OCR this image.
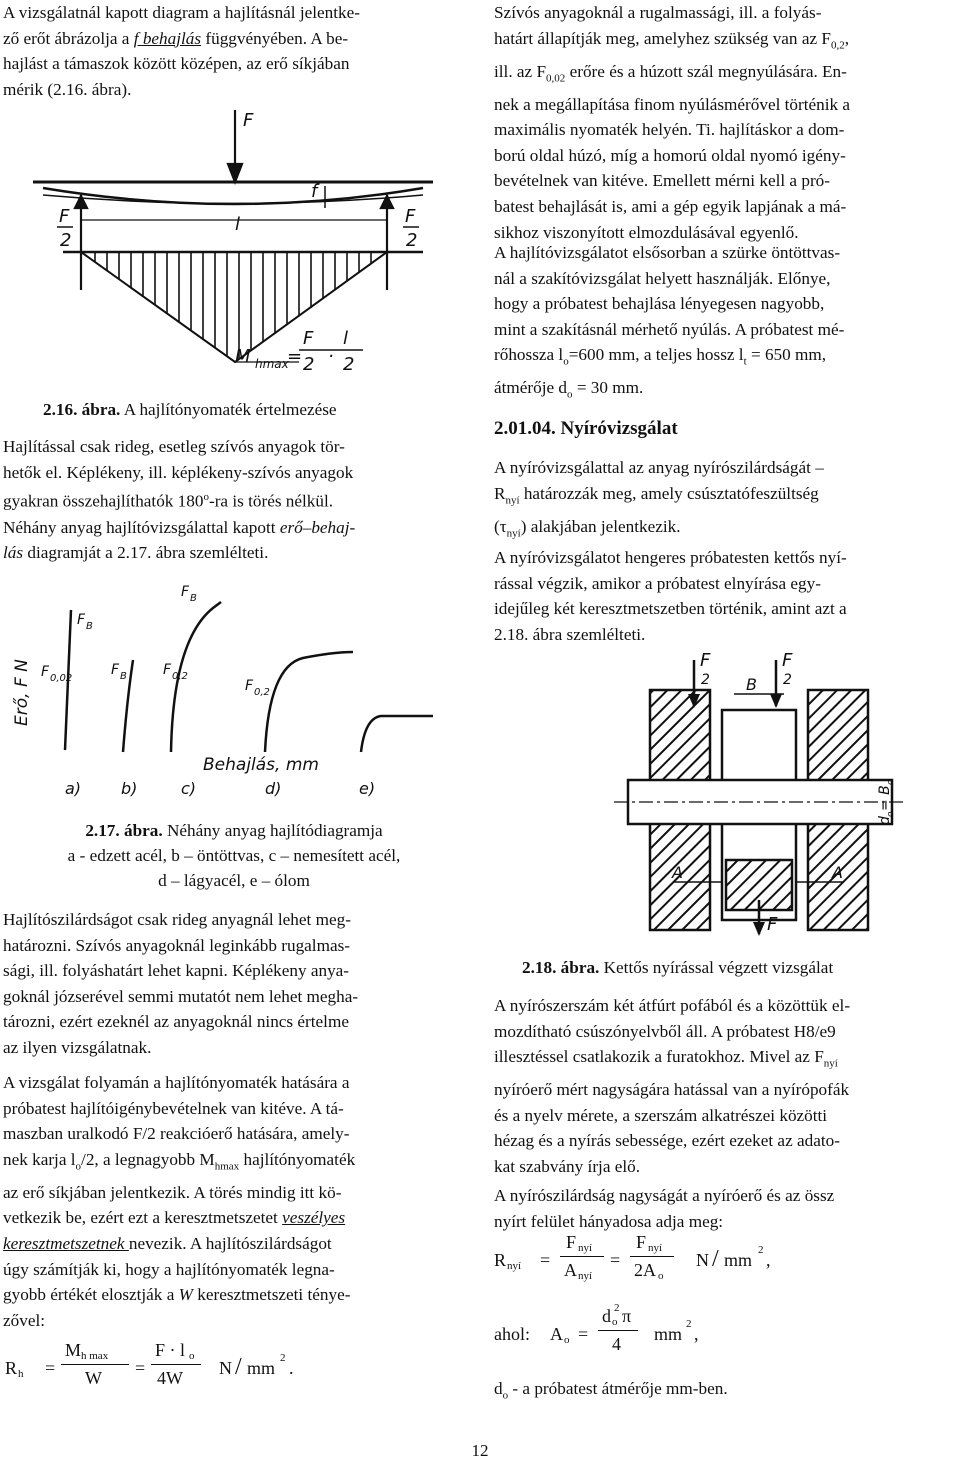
A vizsgálatnál kapott diagram a hajlításnál jelentke-
ző erőt ábrázolja a f behajlás függvényében. A be-
hajlást a támaszok között középen, az erő síkjában
mérik (2.16. ábra).

F
f
l
F
2
F
2
F l
2 · 2
M hmax
=

2.16. ábra. A hajlítónyomaték értelmezése

Hajlítással csak rideg, esetleg szívós anyagok tör-
hetők el. Képlékeny, ill. képlékeny-szívós anyagok
gyakran összehajlíthatók 180$^o$-ra is törés nélkül.
Néhány anyag hajlítóvizsgálattal kapott erő–behaj-
lás diagramját a 2.17. ábra szemlélteti.

Erő, F N
Behajlás, mm
F B
F 0,02
F B
F B
F 0,2
F 0,2
a) b)	c)	d)	e)
2.17. ábra. Néhány anyag hajlítódiagramja
a - edzett acél, b – öntöttvas, c – nemesített acél,
d – lágyacél, e – ólom

Hajlítószilárdságot csak rideg anyagnál lehet meg-
határozni. Szívós anyagoknál leginkább rugalmas-
sági, ill. folyáshatárt lehet kapni. Képlékeny anya-
goknál józserével semmi mutatót nem lehet megha-
tározni, ezért ezeknél az anyagoknál nincs értelme
az ilyen vizsgálatnak.

A vizsgálat folyamán a hajlítónyomaték hatására a
próbatest hajlítóigénybevételnek van kitéve. A tá-
maszban uralkodó F/2 reakcióerő hatására, amely-
nek karja $l_o/2$, a legnagyobb $M_{hmax}$ hajlítónyomaték
az erő síkjában jelentkezik. A törés mindig itt kö-
vetkezik be, ezért ezt a keresztmetszetet veszélyes
keresztmetszetnek nevezik. A hajlítószilárdságot
úgy számítják ki, hogy a hajlítónyomaték legna-
gyobb értékét elosztják a W keresztmetszeti ténye-
zővel:

R h =
M h max
W =
F · l o
4W N / mm 2 .

Szívós anyagoknál a rugalmassági, ill. a folyás-
határt állapítják meg, amelyhez szükség van az $F_{0,2}$,
ill. az $F_{0,02}$ erőre és a húzott szál megnyúlására. En-
nek a megállapítása finom nyúlásmérővel történik a
maximális nyomaték helyén. Ti. hajlításkor a dom-
ború oldal húzó, míg a homorú oldal nyomó igény-
bevételnek van kitéve. Emellett mérni kell a pró-
batest behajlását is, ami a gép egyik lapjának a má-
sikhoz viszonyított elmozdulásával egyenlő.

A hajlítóvizsgálatot elsősorban a szürke öntöttvas-
nál a szakítóvizsgálat helyett használják. Előnye,
hogy a próbatest behajlása lényegesen nagyobb,
mint a szakításnál mérhető nyúlás. A próbatest mé-
rőhossza $l_o=600$ mm, a teljes hossz $l_t = 650$ mm,
átmérője $d_o = 30$ mm.

2.01.04. Nyíróvizsgálat

A nyíróvizsgálattal az anyag nyírószilárdságát –
$R_{nyí}$ határozzák meg, amely csúsztatófeszültség
$(\tau_{nyí})$ alakjában jelentkezik.

A nyíróvizsgálatot hengeres próbatesten kettős nyí-
rással végzik, amikor a próbatest elnyírása egy-
idejűleg két keresztmetszetben történik, amint azt a
2.18. ábra szemlélteti.

F
2
F
2
B
A	A
F
d
o
= B
o

2.18. ábra. Kettős nyírással végzett vizsgálat

A nyírószerszám két átfúrt pofából és a közöttük el-
mozdítható csúszónyelvből áll. A próbatest H8/e9
illesztéssel csatlakozik a furatokhoz. Mivel az $F_{nyí}$
nyíróerő mért nagyságára hatással van a nyírópofák
és a nyelv mérete, a szerszám alkatrészei közötti
hézag és a nyírás sebessége, ezért ezeket az adato-
kat szabvány írja elő.

A nyírószilárdság nagyságát a nyíróerő és az össz
nyírt felület hányadosa adja meg:

R nyí =
F nyí
A nyí
=
F nyí
2A o
N / mm 2 ,
ahol: A o =
d o
2 π
4 mm 2 ,

$d_o$ - a próbatest átmérője mm-ben.

12
